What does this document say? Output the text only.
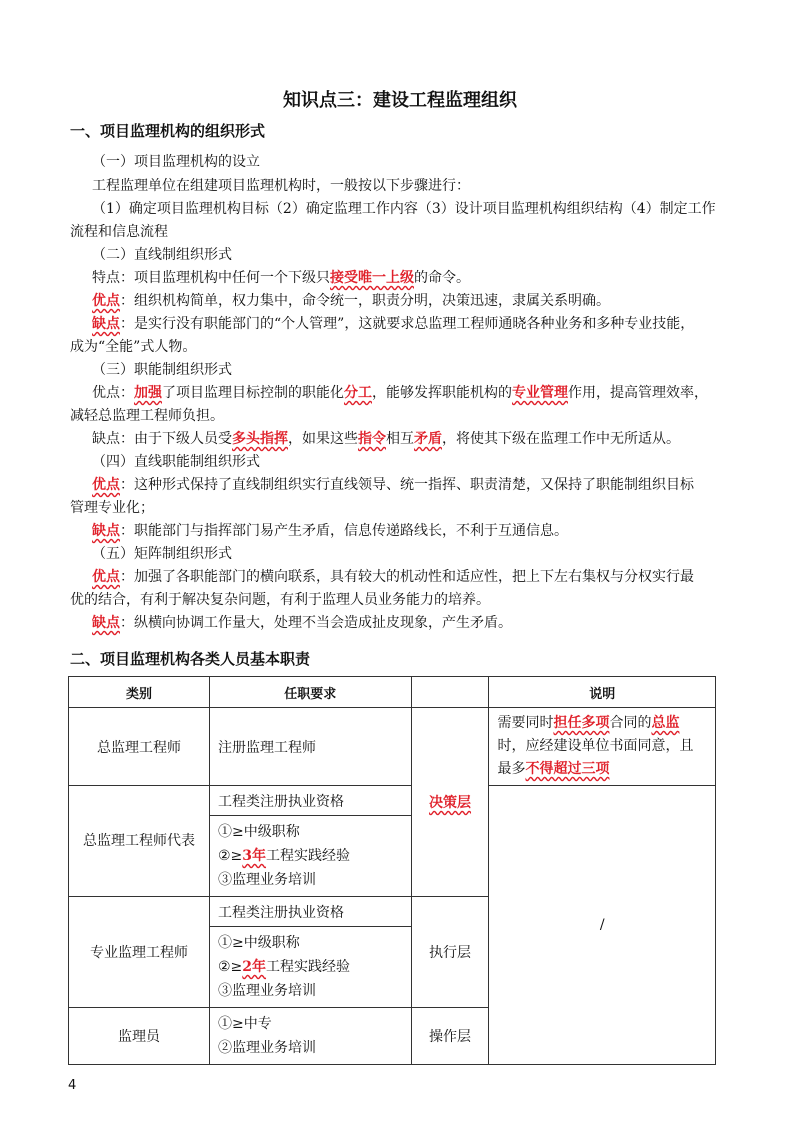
知识点三：建设工程监理组织
一、项目监理机构的组织形式
（一）项目监理机构的设立
工程监理单位在组建项目监理机构时，一般按以下步骤进行：
（1）确定项目监理机构目标（2）确定监理工作内容（3）设计项目监理机构组织结构（4）制定工作
流程和信息流程
（二）直线制组织形式
特点：项目监理机构中任何一个下级只接受唯一上级的命令。
优点：组织机构简单，权力集中，命令统一，职责分明，决策迅速，隶属关系明确。
缺点：是实行没有职能部门的“个人管理”，这就要求总监理工程师通晓各种业务和多种专业技能，
成为“全能”式人物。
（三）职能制组织形式
优点：加强了项目监理目标控制的职能化分工，能够发挥职能机构的专业管理作用，提高管理效率，
减轻总监理工程师负担。
缺点：由于下级人员受多头指挥，如果这些指令相互矛盾，将使其下级在监理工作中无所适从。
（四）直线职能制组织形式
优点：这种形式保持了直线制组织实行直线领导、统一指挥、职责清楚，又保持了职能制组织目标
管理专业化；
缺点：职能部门与指挥部门易产生矛盾，信息传递路线长，不利于互通信息。
（五）矩阵制组织形式
优点：加强了各职能部门的横向联系，具有较大的机动性和适应性，把上下左右集权与分权实行最
优的结合，有利于解决复杂问题，有利于监理人员业务能力的培养。
缺点：纵横向协调工作量大，处理不当会造成扯皮现象，产生矛盾。
二、项目监理机构各类人员基本职责
类别	任职要求		说明
总监理工程师	注册监理工程师	决策层	需要同时担任多项合同的总监时，应经建设单位书面同意，且最多不得超过三项

总监理工程师代表	工程类注册执业资格		/

	①≥中级职称
②≥3年工程实践经验
③监理业务培训		

专业监理工程师	工程类注册执业资格	执行层	

	①≥中级职称
②≥2年工程实践经验
③监理业务培训		

监理员	①≥中专
②监理业务培训	操作层	
4
